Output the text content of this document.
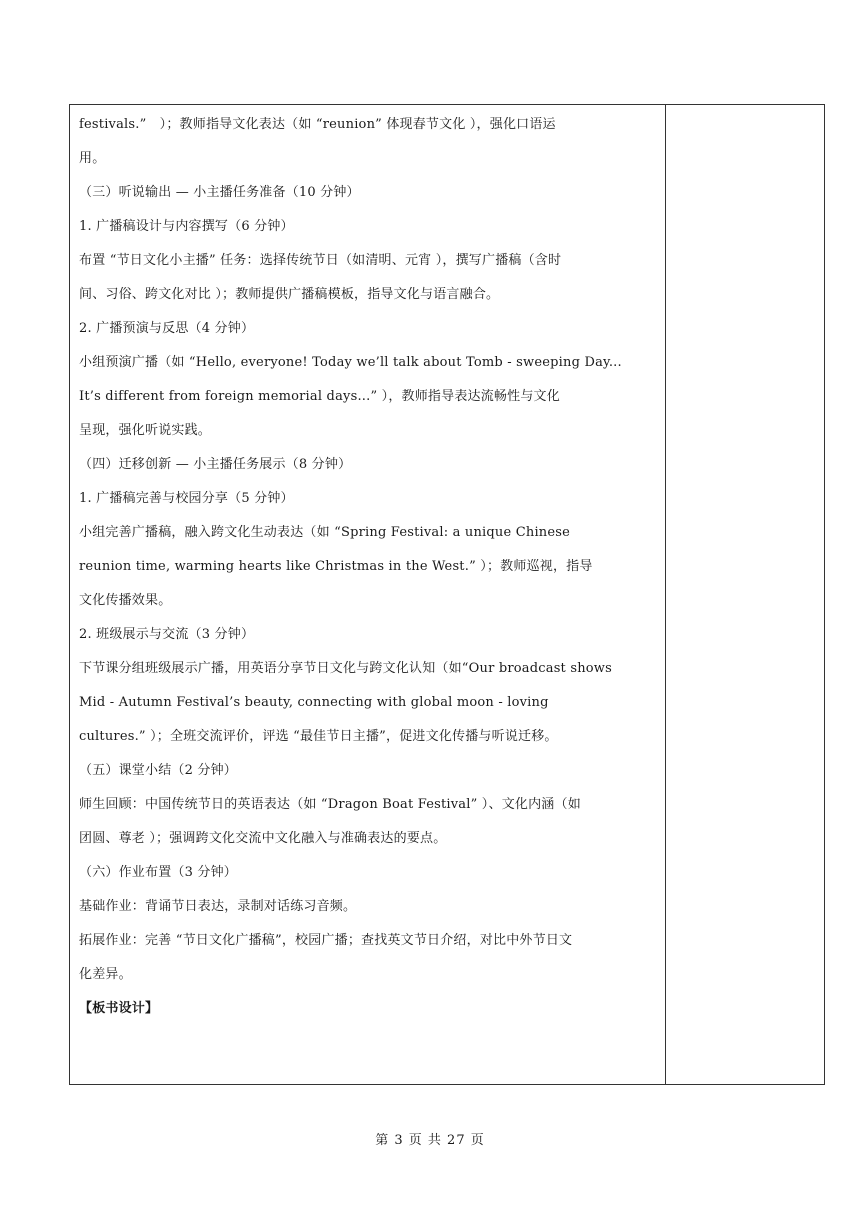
festivals.”　）；教师指导文化表达（如 “reunion” 体现春节文化 ），强化口语运
用。
（三）听说输出 — 小主播任务准备（10 分钟）
1. 广播稿设计与内容撰写（6 分钟）
布置 “节日文化小主播” 任务：选择传统节日（如清明、元宵 ），撰写广播稿（含时
间、习俗、跨文化对比 ）；教师提供广播稿模板，指导文化与语言融合。
2. 广播预演与反思（4 分钟）
小组预演广播（如 “Hello, everyone! Today we’ll talk about Tomb - sweeping Day...
It’s different from foreign memorial days...” ），教师指导表达流畅性与文化
呈现，强化听说实践。
（四）迁移创新 — 小主播任务展示（8 分钟）
1. 广播稿完善与校园分享（5 分钟）
小组完善广播稿，融入跨文化生动表达（如 “Spring Festival: a unique Chinese
reunion time, warming hearts like Christmas in the West.” ）；教师巡视，指导
文化传播效果。
2. 班级展示与交流（3 分钟）
下节课分组班级展示广播，用英语分享节日文化与跨文化认知（如“Our broadcast shows
Mid - Autumn Festival’s beauty, connecting with global moon - loving
cultures.” ）；全班交流评价，评选 “最佳节日主播”，促进文化传播与听说迁移。
（五）课堂小结（2 分钟）
师生回顾：中国传统节日的英语表达（如 “Dragon Boat Festival” ）、文化内涵（如
团圆、尊老 ）；强调跨文化交流中文化融入与准确表达的要点。
（六）作业布置（3 分钟）
基础作业：背诵节日表达，录制对话练习音频。
拓展作业：完善 “节日文化广播稿”，校园广播；查找英文节日介绍，对比中外节日文
化差异。
【板书设计】
第 3 页 共 27 页
